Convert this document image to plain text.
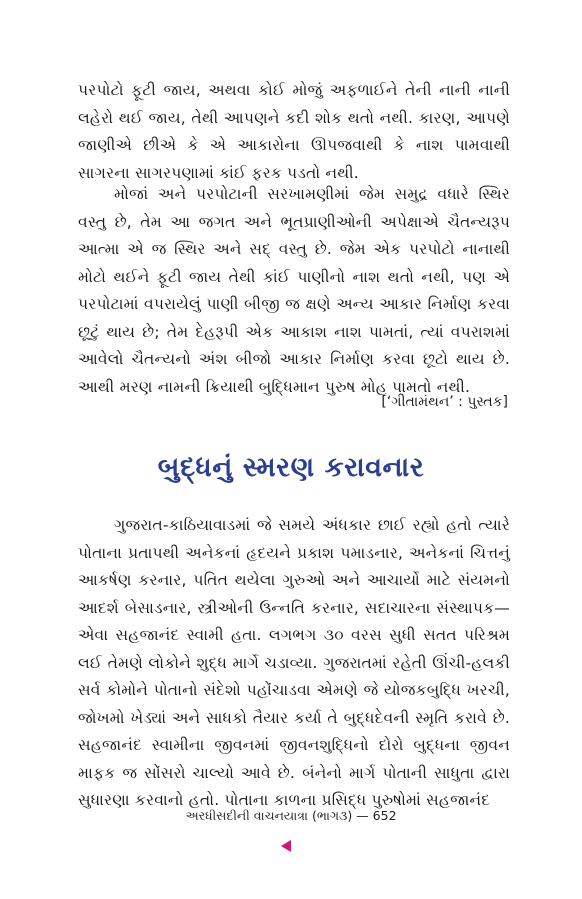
પરપોટો ફૂટી જાય, અથવા કોઈ મોજું અફળાઈને તેની નાની નાની લહેરો થઈ જાય, તેથી આપણને કદી શોક થતો નથી. કારણ, આપણે જાણીએ છીએ કે એ આકારોના ઊપજવાથી કે નાશ પામવાથી સાગરના સાગરપણામાં કાંઈ ફરક પડતો નથી.

મોજાં અને પરપોટાની સરખામણીમાં જેમ સમુદ્ર વધારે સ્થિર વસ્તુ છે, તેમ આ જગત અને ભૂતપ્રાણીઓની અપેક્ષાએ ચૈતન્યરૂપ આત્મા એ જ સ્થિર અને સદ્ વસ્તુ છે. જેમ એક પરપોટો નાનાથી મોટો થઈને ફૂટી જાય તેથી કાંઈ પાણીનો નાશ થતો નથી, પણ એ પરપોટામાં વપરાયેલું પાણી બીજી જ ક્ષણે અન્ય આકાર નિર્માણ કરવા છૂટું થાય છે; તેમ દેહરૂપી એક આકાશ નાશ પામતાં, ત્યાં વપરાશમાં આવેલો ચૈતન્યનો અંશ બીજો આકાર નિર્માણ કરવા છૂટો થાય છે. આથી મરણ નામની ક્રિયાથી બુદ્ધિમાન પુરુષ મોહ પામતો નથી.

[‘ગીતામંથન’ : પુસ્તક]
બુદ્ધનું સ્મરણ કરાવનાર

ગુજરાત-કાઠિયાવાડમાં જે સમયે અંધકાર છાઈ રહ્યો હતો ત્યારે પોતાના પ્રતાપથી અનેકનાં હૃદયને પ્રકાશ પમાડનાર, અનેકનાં ચિત્તનું આકર્ષણ કરનાર, પતિત થયેલા ગુરુઓ અને આચાર્યો માટે સંયમનો આદર્શ બેસાડનાર, સ્ત્રીઓની ઉન્નતિ કરનાર, સદાચારના સંસ્થાપક—એવા સહજાનંદ સ્વામી હતા. લગભગ ૩૦ વરસ સુધી સતત પરિશ્રમ લઈ તેમણે લોકોને શુદ્ધ માર્ગે ચડાવ્યા. ગુજરાતમાં રહેતી ઊંચી-હલકી સર્વ કોમોને પોતાનો સંદેશો પહોંચાડવા એમણે જે યોજકબુદ્ધિ ખરચી, જોખમો ખેડ્યાં અને સાધકો તૈયાર કર્યા તે બુદ્ધદેવની સ્મૃતિ કરાવે છે. સહજાનંદ સ્વામીના જીવનમાં જીવનશુદ્ધિનો દોરો બુદ્ધના જીવન માફક જ સોંસરો ચાલ્યો આવે છે. બંનેનો માર્ગ પોતાની સાધુતા દ્વારા સુધારણા કરવાનો હતો. પોતાના કાળના પ્રસિદ્ધ પુરુષોમાં સહજાનંદ

અરધીસદીની વાચનયાત્રા (ભાગ૩) — 652
